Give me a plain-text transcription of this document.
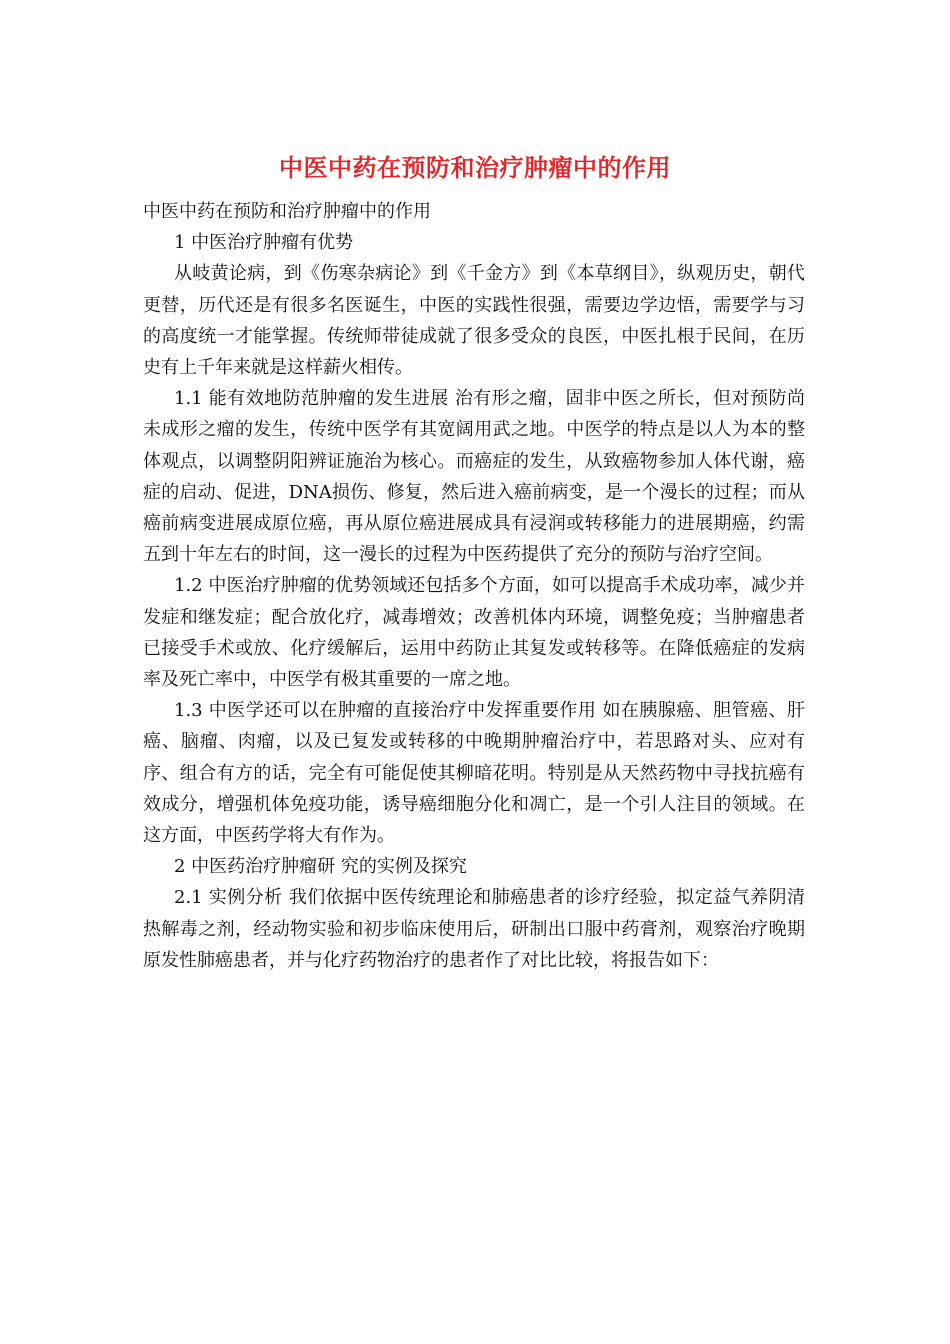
中医中药在预防和治疗肿瘤中的作用

中医中药在预防和治疗肿瘤中的作用

1 中医治疗肿瘤有优势

从岐黄论病，到《伤寒杂病论》到《千金方》到《本草纲目》，纵观历史，朝代更替，历代还是有很多名医诞生，中医的实践性很强，需要边学边悟，需要学与习的高度统一才能掌握。传统师带徒成就了很多受众的良医，中医扎根于民间，在历史有上千年来就是这样薪火相传。

1.1 能有效地防范肿瘤的发生进展 治有形之瘤，固非中医之所长，但对预防尚未成形之瘤的发生，传统中医学有其宽阔用武之地。中医学的特点是以人为本的整体观点，以调整阴阳辨证施治为核心。而癌症的发生，从致癌物参加人体代谢，癌症的启动、促进，DNA损伤、修复，然后进入癌前病变，是一个漫长的过程；而从癌前病变进展成原位癌，再从原位癌进展成具有浸润或转移能力的进展期癌，约需五到十年左右的时间，这一漫长的过程为中医药提供了充分的预防与治疗空间。

1.2 中医治疗肿瘤的优势领域还包括多个方面，如可以提高手术成功率，减少并发症和继发症；配合放化疗，减毒增效；改善机体内环境，调整免疫；当肿瘤患者已接受手术或放、化疗缓解后，运用中药防止其复发或转移等。在降低癌症的发病率及死亡率中，中医学有极其重要的一席之地。

1.3 中医学还可以在肿瘤的直接治疗中发挥重要作用 如在胰腺癌、胆管癌、肝癌、脑瘤、肉瘤，以及已复发或转移的中晚期肿瘤治疗中，若思路对头、应对有序、组合有方的话，完全有可能促使其柳暗花明。特别是从天然药物中寻找抗癌有效成分，增强机体免疫功能，诱导癌细胞分化和凋亡，是一个引人注目的领域。在这方面，中医药学将大有作为。

2 中医药治疗肿瘤研 究的实例及探究

2.1 实例分析 我们依据中医传统理论和肺癌患者的诊疗经验，拟定益气养阴清热解毒之剂，经动物实验和初步临床使用后，研制出口服中药膏剂，观察治疗晚期原发性肺癌患者，并与化疗药物治疗的患者作了对比比较，将报告如下：
